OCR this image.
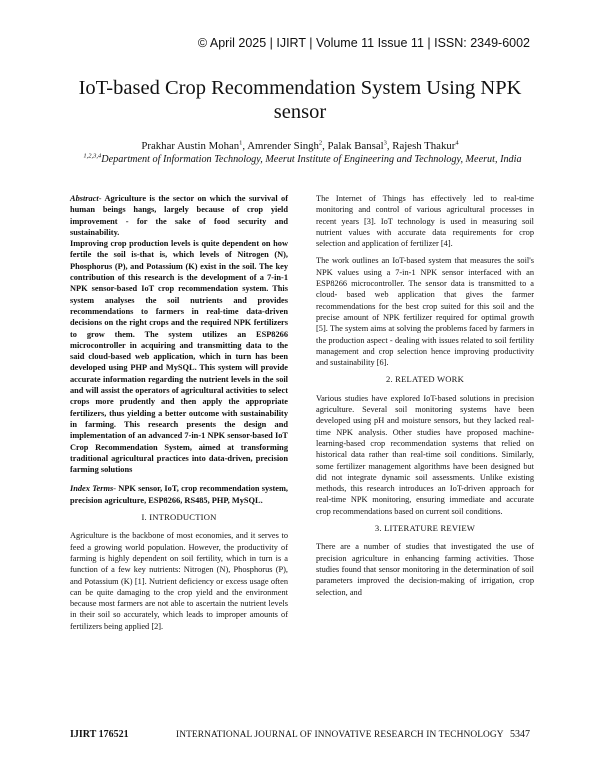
© April 2025 | IJIRT | Volume 11 Issue 11 | ISSN: 2349-6002
IoT-based Crop Recommendation System Using NPK sensor
Prakhar Austin Mohan$^1$, Amrender Singh$^2$, Palak Bansal$^3$, Rajesh Thakur$^4$
$^{1,2,3,4}$Department of Information Technology, Meerut Institute of Engineering and Technology, Meerut, India

Abstract- Agriculture is the sector on which the survival of human beings hangs, largely because of crop yield improvement - for the sake of food security and sustainability.

Improving crop production levels is quite dependent on how fertile the soil is-that is, which levels of Nitrogen (N), Phosphorus (P), and Potassium (K) exist in the soil. The key contribution of this research is the development of a 7-in-1 NPK sensor-based IoT crop recommendation system. This system analyses the soil nutrients and provides recommendations to farmers in real-time data-driven decisions on the right crops and the required NPK fertilizers to grow them. The system utilizes an ESP8266 microcontroller in acquiring and transmitting data to the said cloud-based web application, which in turn has been developed using PHP and MySQL. This system will provide accurate information regarding the nutrient levels in the soil and will assist the operators of agricultural activities to select crops more prudently and then apply the appropriate fertilizers, thus yielding a better outcome with sustainability in farming. This research presents the design and implementation of an advanced 7-in-1 NPK sensor-based IoT Crop Recommendation System, aimed at transforming traditional agricultural practices into data-driven, precision farming solutions

Index Terms- NPK sensor, IoT, crop recommendation system, precision agriculture, ESP8266, RS485, PHP, MySQL.

I. INTRODUCTION

Agriculture is the backbone of most economies, and it serves to feed a growing world population. However, the productivity of farming is highly dependent on soil fertility, which in turn is a function of a few key nutrients: Nitrogen (N), Phosphorus (P), and Potassium (K) [1]. Nutrient deficiency or excess usage often can be quite damaging to the crop yield and the environment because most farmers are not able to ascertain the nutrient levels in their soil so accurately, which leads to improper amounts of fertilizers being applied [2].

The Internet of Things has effectively led to real-time monitoring and control of various agricultural processes in recent years [3]. IoT technology is used in measuring soil nutrient values with accurate data requirements for crop selection and application of fertilizer [4].

The work outlines an IoT-based system that measures the soil's NPK values using a 7-in-1 NPK sensor interfaced with an ESP8266 microcontroller. The sensor data is transmitted to a cloud- based web application that gives the farmer recommendations for the best crop suited for this soil and the precise amount of NPK fertilizer required for optimal growth [5]. The system aims at solving the problems faced by farmers in the production aspect - dealing with issues related to soil fertility management and crop selection hence improving productivity and sustainability [6].

2. RELATED WORK

Various studies have explored IoT-based solutions in precision agriculture. Several soil monitoring systems have been developed using pH and moisture sensors, but they lacked real-time NPK analysis. Other studies have proposed machine- learning-based crop recommendation systems that relied on historical data rather than real-time soil conditions. Similarly, some fertilizer management algorithms have been designed but did not integrate dynamic soil assessments. Unlike existing methods, this research introduces an IoT-driven approach for real-time NPK monitoring, ensuring immediate and accurate crop recommendations based on current soil conditions.

3. LITERATURE REVIEW

There are a number of studies that investigated the use of precision agriculture in enhancing farming activities. Those studies found that sensor monitoring in the determination of soil parameters improved the decision-making of irrigation, crop selection, and

IJIRT 176521	INTERNATIONAL JOURNAL OF INNOVATIVE RESEARCH IN TECHNOLOGY 5347
